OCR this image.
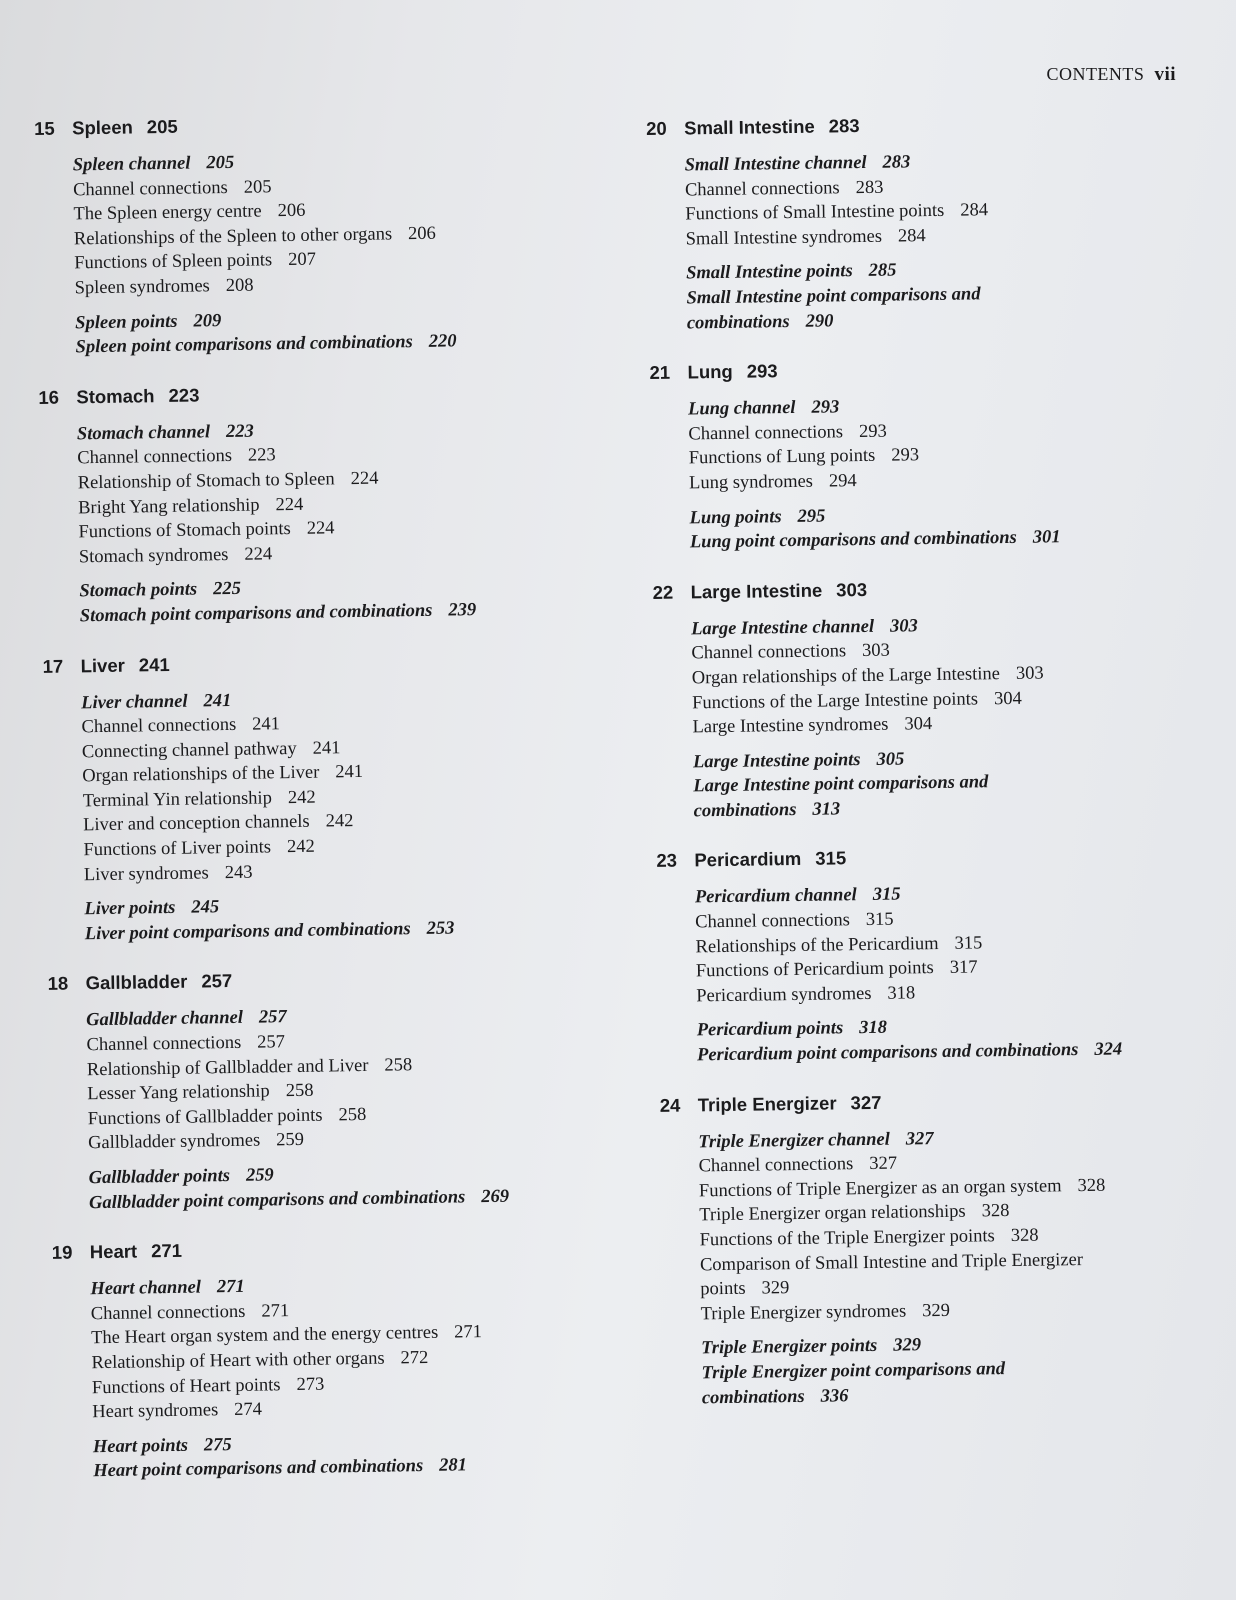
CONTENTS vii
15 Spleen 205
Spleen channel 205
Channel connections 205
The Spleen energy centre 206
Relationships of the Spleen to other organs 206
Functions of Spleen points 207
Spleen syndromes 208
Spleen points 209
Spleen point comparisons and combinations 220
16 Stomach 223
Stomach channel 223
Channel connections 223
Relationship of Stomach to Spleen 224
Bright Yang relationship 224
Functions of Stomach points 224
Stomach syndromes 224
Stomach points 225
Stomach point comparisons and combinations 239
17 Liver 241
Liver channel 241
Channel connections 241
Connecting channel pathway 241
Organ relationships of the Liver 241
Terminal Yin relationship 242
Liver and conception channels 242
Functions of Liver points 242
Liver syndromes 243
Liver points 245
Liver point comparisons and combinations 253
18 Gallbladder 257
Gallbladder channel 257
Channel connections 257
Relationship of Gallbladder and Liver 258
Lesser Yang relationship 258
Functions of Gallbladder points 258
Gallbladder syndromes 259
Gallbladder points 259
Gallbladder point comparisons and combinations 269
19 Heart 271
Heart channel 271
Channel connections 271
The Heart organ system and the energy centres 271
Relationship of Heart with other organs 272
Functions of Heart points 273
Heart syndromes 274
Heart points 275
Heart point comparisons and combinations 281
20 Small Intestine 283
Small Intestine channel 283
Channel connections 283
Functions of Small Intestine points 284
Small Intestine syndromes 284
Small Intestine points 285
Small Intestine point comparisons and
combinations 290
21 Lung 293
Lung channel 293
Channel connections 293
Functions of Lung points 293
Lung syndromes 294
Lung points 295
Lung point comparisons and combinations 301
22 Large Intestine 303
Large Intestine channel 303
Channel connections 303
Organ relationships of the Large Intestine 303
Functions of the Large Intestine points 304
Large Intestine syndromes 304
Large Intestine points 305
Large Intestine point comparisons and
combinations 313
23 Pericardium 315
Pericardium channel 315
Channel connections 315
Relationships of the Pericardium 315
Functions of Pericardium points 317
Pericardium syndromes 318
Pericardium points 318
Pericardium point comparisons and combinations 324
24 Triple Energizer 327
Triple Energizer channel 327
Channel connections 327
Functions of Triple Energizer as an organ system 328
Triple Energizer organ relationships 328
Functions of the Triple Energizer points 328
Comparison of Small Intestine and Triple Energizer
points 329
Triple Energizer syndromes 329
Triple Energizer points 329
Triple Energizer point comparisons and
combinations 336
